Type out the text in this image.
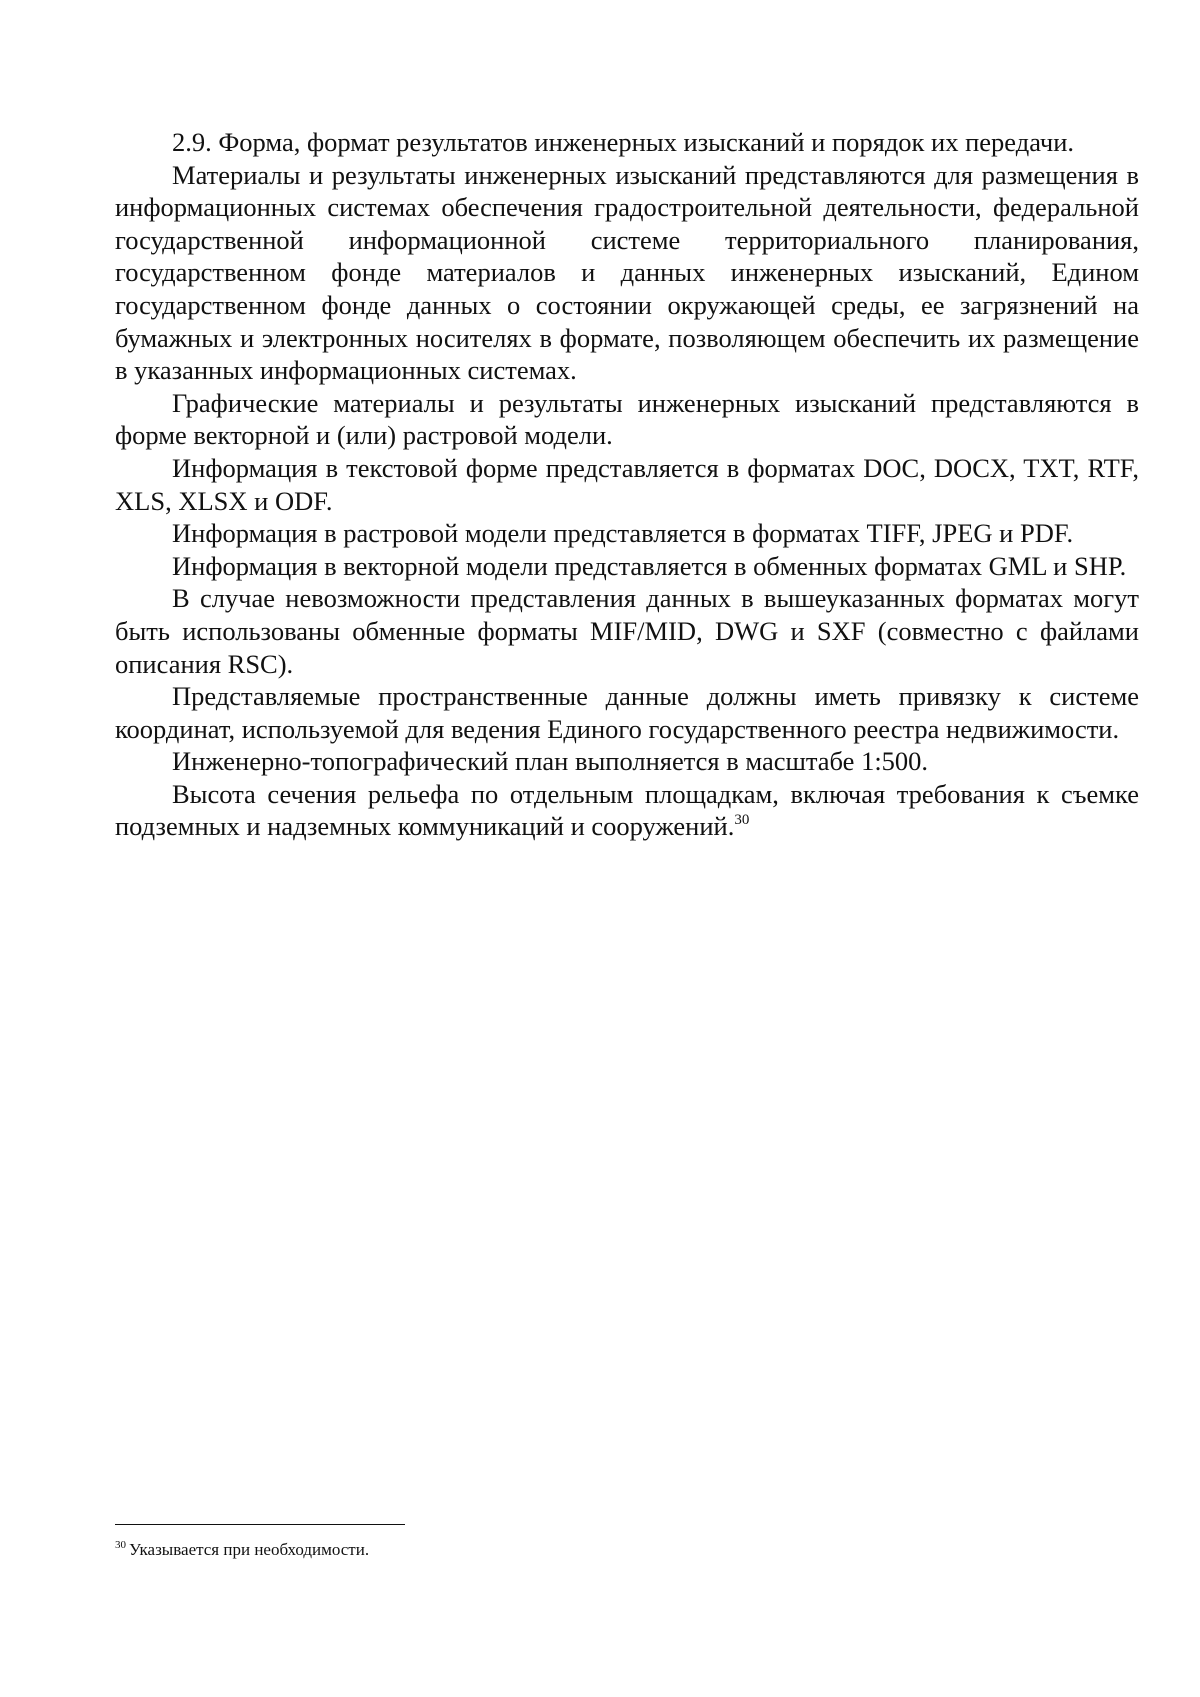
2.9. Форма, формат результатов инженерных изысканий и порядок их передачи.

Материалы и результаты инженерных изысканий представляются для размещения в информационных системах обеспечения градостроительной деятельности, федеральной государственной информационной системе территориального планирования, государственном фонде материалов и данных инженерных изысканий, Едином государственном фонде данных о состоянии окружающей среды, ее загрязнений на бумажных и электронных носителях в формате, позволяющем обеспечить их размещение в указанных информационных системах.

Графические материалы и результаты инженерных изысканий представляются в форме векторной и (или) растровой модели.

Информация в текстовой форме представляется в форматах DOC, DOCX, TXT, RTF, XLS, XLSX и ODF.

Информация в растровой модели представляется в форматах TIFF, JPEG и PDF.

Информация в векторной модели представляется в обменных форматах GML и SHP.

В случае невозможности представления данных в вышеуказанных форматах могут быть использованы обменные форматы MIF/MID, DWG и SXF (совместно с файлами описания RSC).

Представляемые пространственные данные должны иметь привязку к системе координат, используемой для ведения Единого государственного реестра недвижимости.

Инженерно-топографический план выполняется в масштабе 1:500.

Высота сечения рельефа по отдельным площадкам, включая требования к съемке подземных и надземных коммуникаций и сооружений.$^{30}$

$^{30}$ Указывается при необходимости.
